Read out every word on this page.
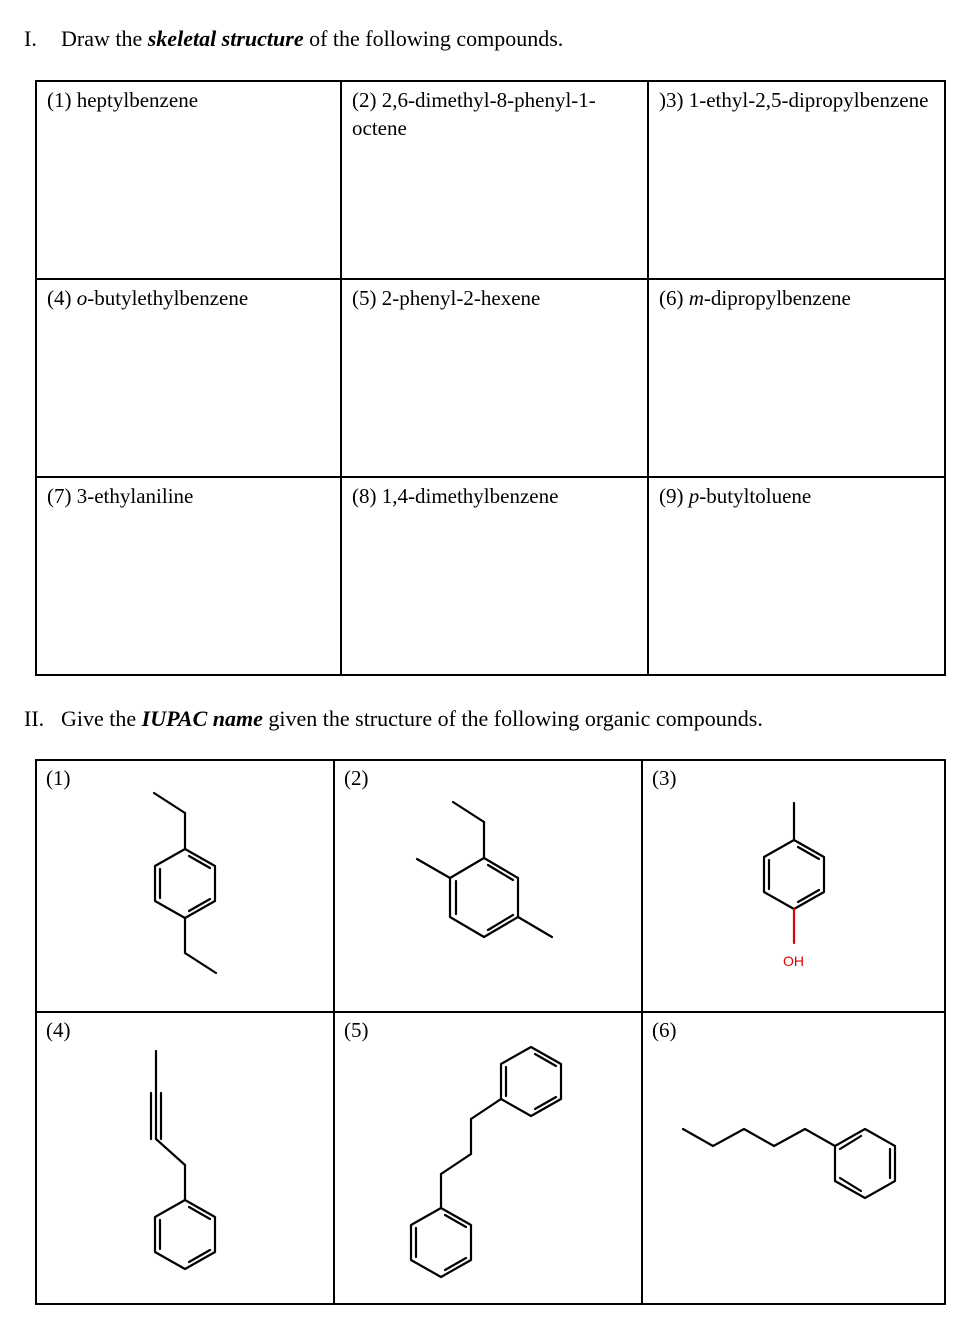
I. Draw the skeletal structure of the following compounds.
(1) heptylbenzene	(2) 2,6-dimethyl-8-phenyl-1-octene	)3) 1-ethyl-2,5-dipropylbenzene

(4) o-butylethylbenzene	(5) 2-phenyl-2-hexene	(6) m-dipropylbenzene

(7) 3-ethylaniline	(8) 1,4-dimethylbenzene	(9) p-butyltoluene
II. Give the IUPAC name given the structure of the following organic compounds.
(1)	(2)	(3)
OH

(4)	(5)	(6)
